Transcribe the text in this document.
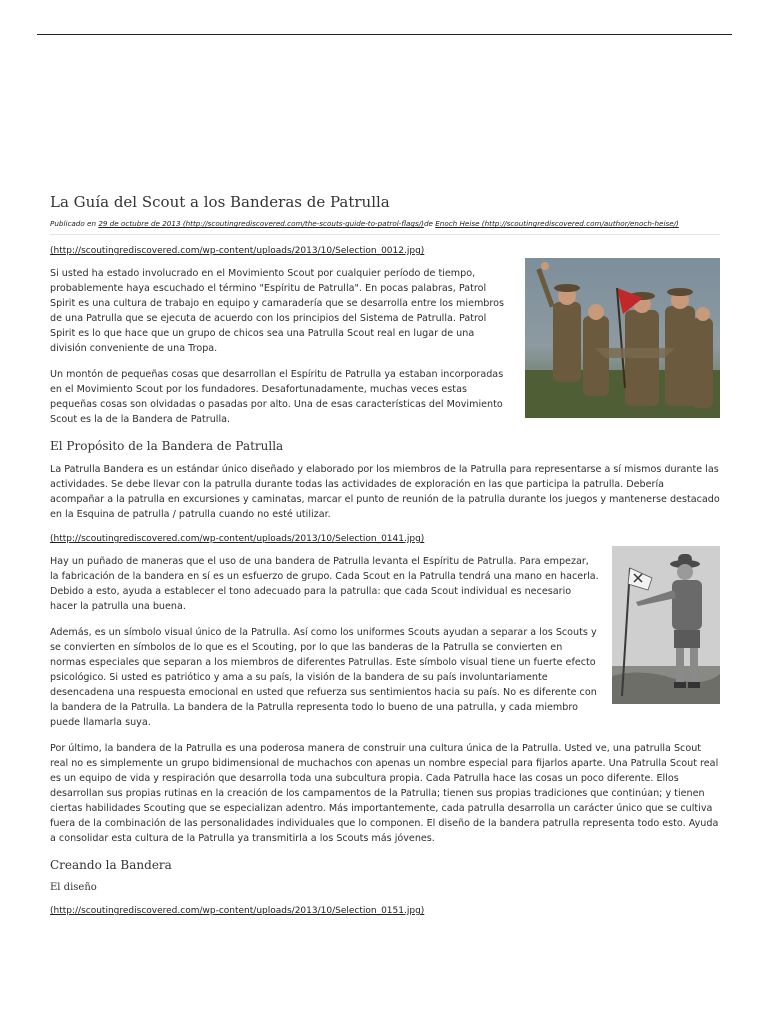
La Guía del Scout a los Banderas de Patrulla
Publicado en 29 de octubre de 2013 (http://scoutingrediscovered.com/the-scouts-guide-to-patrol-flags/)de Enoch Heise (http://scoutingrediscovered.com/author/enoch-heise/)
(http://scoutingrediscovered.com/wp-content/uploads/2013/10/Selection_0012.jpg)

Si usted ha estado involucrado en el Movimiento Scout por cualquier período de tiempo, probablemente haya escuchado el término "Espíritu de Patrulla". En pocas palabras, Patrol Spirit es una cultura de trabajo en equipo y camaradería que se desarrolla entre los miembros de una Patrulla que se ejecuta de acuerdo con los principios del Sistema de Patrulla. Patrol Spirit es lo que hace que un grupo de chicos sea una Patrulla Scout real en lugar de una división conveniente de una Tropa.

Un montón de pequeñas cosas que desarrollan el Espíritu de Patrulla ya estaban incorporadas en el Movimiento Scout por los fundadores. Desafortunadamente, muchas veces estas pequeñas cosas son olvidadas o pasadas por alto. Una de esas características del Movimiento Scout es la de la Bandera de Patrulla.

El Propósito de la Bandera de Patrulla

La Patrulla Bandera es un estándar único diseñado y elaborado por los miembros de la Patrulla para representarse a sí mismos durante las actividades. Se debe llevar con la patrulla durante todas las actividades de exploración en las que participa la patrulla. Debería acompañar a la patrulla en excursiones y caminatas, marcar el punto de reunión de la patrulla durante los juegos y mantenerse destacado en la Esquina de patrulla / patrulla cuando no esté utilizar.

(http://scoutingrediscovered.com/wp-content/uploads/2013/10/Selection_0141.jpg)

Hay un puñado de maneras que el uso de una bandera de Patrulla levanta el Espíritu de Patrulla. Para empezar, la fabricación de la bandera en sí es un esfuerzo de grupo. Cada Scout en la Patrulla tendrá una mano en hacerla. Debido a esto, ayuda a establecer el tono adecuado para la patrulla: que cada Scout individual es necesario hacer la patrulla una buena.

Además, es un símbolo visual único de la Patrulla. Así como los uniformes Scouts ayudan a separar a los Scouts y se convierten en símbolos de lo que es el Scouting, por lo que las banderas de la Patrulla se convierten en normas especiales que separan a los miembros de diferentes Patrullas. Este símbolo visual tiene un fuerte efecto psicológico. Si usted es patriótico y ama a su país, la visión de la bandera de su país involuntariamente desencadena una respuesta emocional en usted que refuerza sus sentimientos hacia su país. No es diferente con la bandera de la Patrulla. La bandera de la Patrulla representa todo lo bueno de una patrulla, y cada miembro puede llamarla suya.

Por último, la bandera de la Patrulla es una poderosa manera de construir una cultura única de la Patrulla. Usted ve, una patrulla Scout real no es simplemente un grupo bidimensional de muchachos con apenas un nombre especial para fijarlos aparte. Una Patrulla Scout real es un equipo de vida y respiración que desarrolla toda una subcultura propia. Cada Patrulla hace las cosas un poco diferente. Ellos desarrollan sus propias rutinas en la creación de los campamentos de la Patrulla; tienen sus propias tradiciones que continúan; y tienen ciertas habilidades Scouting que se especializan adentro. Más importantemente, cada patrulla desarrolla un carácter único que se cultiva fuera de la combinación de las personalidades individuales que lo componen. El diseño de la bandera patrulla representa todo esto. Ayuda a consolidar esta cultura de la Patrulla ya transmitirla a los Scouts más jóvenes.

Creando la Bandera
El diseño
(http://scoutingrediscovered.com/wp-content/uploads/2013/10/Selection_0151.jpg)
